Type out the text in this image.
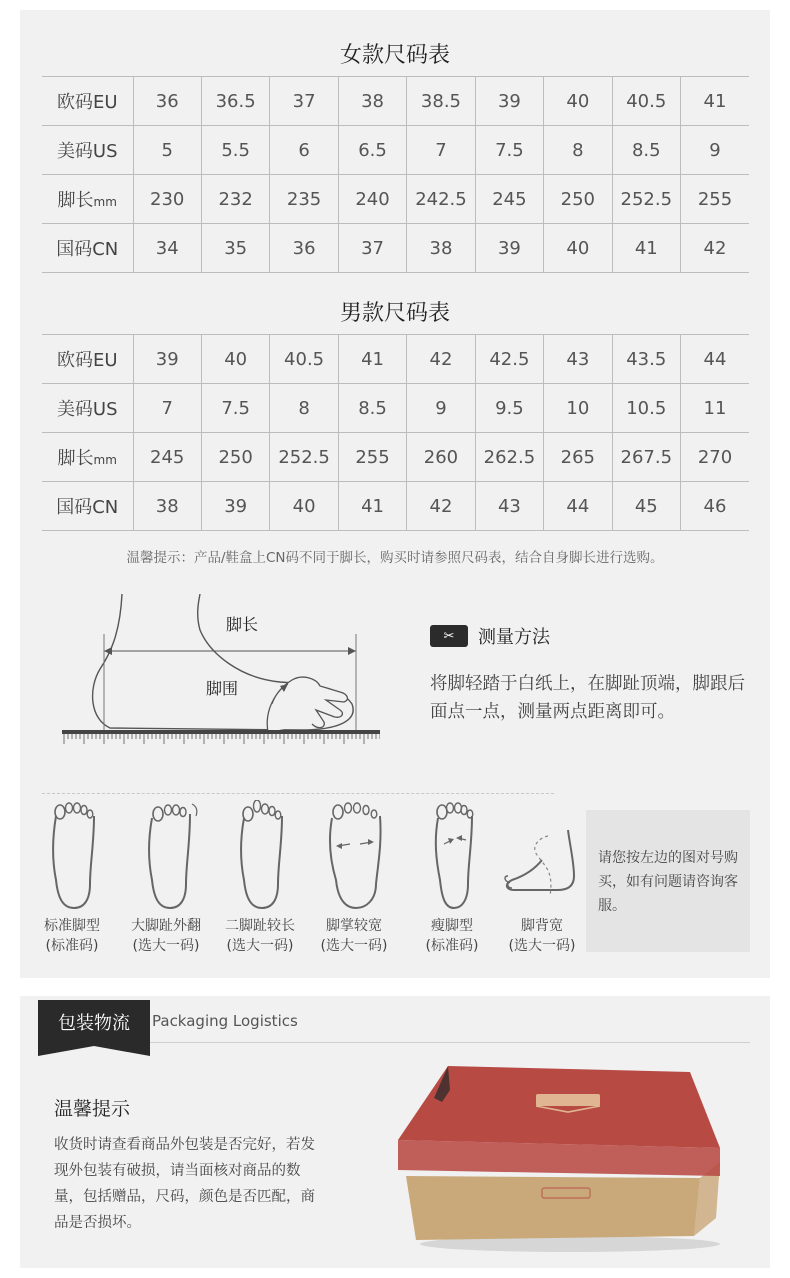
女款尺码表
欧码EU	36	36.5	37	38	38.5	39	40	40.5	41
美码US	5	5.5	6	6.5	7	7.5	8	8.5	9
脚长mm	230	232	235	240	242.5	245	250	252.5	255
国码CN	34	35	36	37	38	39	40	41	42
男款尺码表
欧码EU	39	40	40.5	41	42	42.5	43	43.5	44
美码US	7	7.5	8	8.5	9	9.5	10	10.5	11
脚长mm	245	250	252.5	255	260	262.5	265	267.5	270
国码CN	38	39	40	41	42	43	44	45	46
温馨提示：产品/鞋盒上CN码不同于脚长，购买时请参照尺码表，结合自身脚长进行选购。
脚长
脚围
✂	测量方法
将脚轻踏于白纸上，在脚趾顶端，脚跟后面点一点，测量两点距离即可。
标准脚型
(标准码)
大脚趾外翻
(选大一码)
二脚趾较长
(选大一码)
脚掌较宽
(选大一码)
瘦脚型
(标准码)
脚背宽
(选大一码)
请您按左边的图对号购买，如有问题请咨询客服。
包装物流 Packaging Logistics
温馨提示
收货时请查看商品外包装是否完好，若发现外包装有破损，请当面核对商品的数量，包括赠品，尺码，颜色是否匹配，商品是否损坏。
